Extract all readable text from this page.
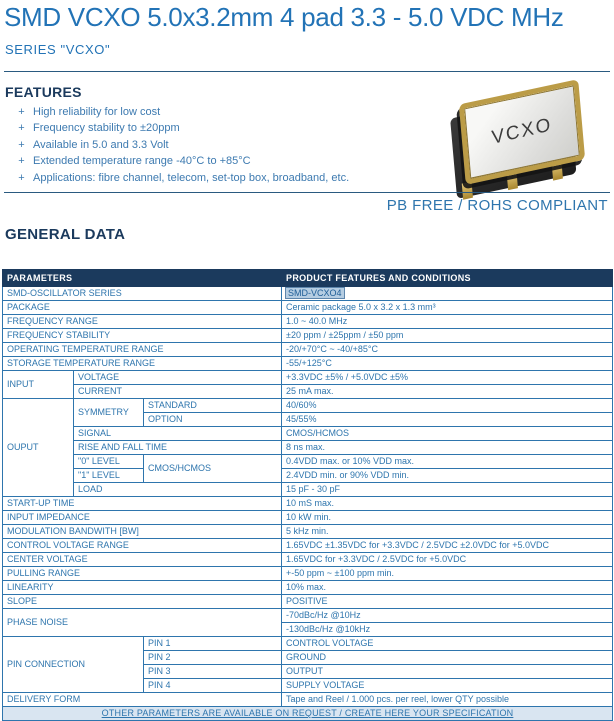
SMD VCXO 5.0x3.2mm 4 pad 3.3 - 5.0 VDC MHz
SERIES "VCXO"
FEATURES
+ High reliability for low cost
+ Frequency stability to ±20ppm
+ Available in 5.0 and 3.3 Volt
+ Extended temperature range -40°C to +85°C
+ Applications: fibre channel, telecom, set-top box, broadband, etc.
VCXO
PB FREE / ROHS COMPLIANT
GENERAL DATA
PARAMETERS			PRODUCT FEATURES AND CONDITIONS
SMD-OSCILLATOR SERIES			SMD-VCXO4
PACKAGE			Ceramic package 5.0 x 3.2 x 1.3 mm³
FREQUENCY RANGE			1.0 ~ 40.0 MHz
FREQUENCY STABILITY			±20 ppm / ±25ppm / ±50 ppm
OPERATING TEMPERATURE RANGE			-20/+70°C ~ -40/+85°C
STORAGE TEMPERATURE RANGE			-55/+125°C
INPUT	VOLTAGE		+3.3VDC ±5% / +5.0VDC ±5%
	CURRENT		25 mA max.
OUPUT	SYMMETRY	STANDARD	40/60%
		OPTION	45/55%
	SIGNAL		CMOS/HCMOS
	RISE AND FALL TIME		8 ns max.
	"0" LEVEL	CMOS/HCMOS	0.4VDD max. or 10% VDD max.
	"1" LEVEL		2.4VDD min. or 90% VDD min.
	LOAD		15 pF - 30 pF
START-UP TIME			10 mS max.
INPUT IMPEDANCE			10 kW min.
MODULATION BANDWITH [BW]			5 kHz min.
CONTROL VOLTAGE RANGE			1.65VDC ±1.35VDC for +3.3VDC / 2.5VDC ±2.0VDC for +5.0VDC
CENTER VOLTAGE			1.65VDC for +3.3VDC / 2.5VDC for +5.0VDC
PULLING RANGE			+-50 ppm ~ ±100 ppm min.
LINEARITY			10% max.
SLOPE			POSITIVE
PHASE NOISE			-70dBc/Hz @10Hz
			-130dBc/Hz @10kHz
PIN CONNECTION		PIN 1	CONTROL VOLTAGE
		PIN 2	GROUND
		PIN 3	OUTPUT
		PIN 4	SUPPLY VOLTAGE
DELIVERY FORM			Tape and Reel / 1.000 pcs. per reel, lower QTY possible
OTHER PARAMETERS ARE AVAILABLE ON REQUEST / CREATE HERE YOUR SPECIFICATION			
